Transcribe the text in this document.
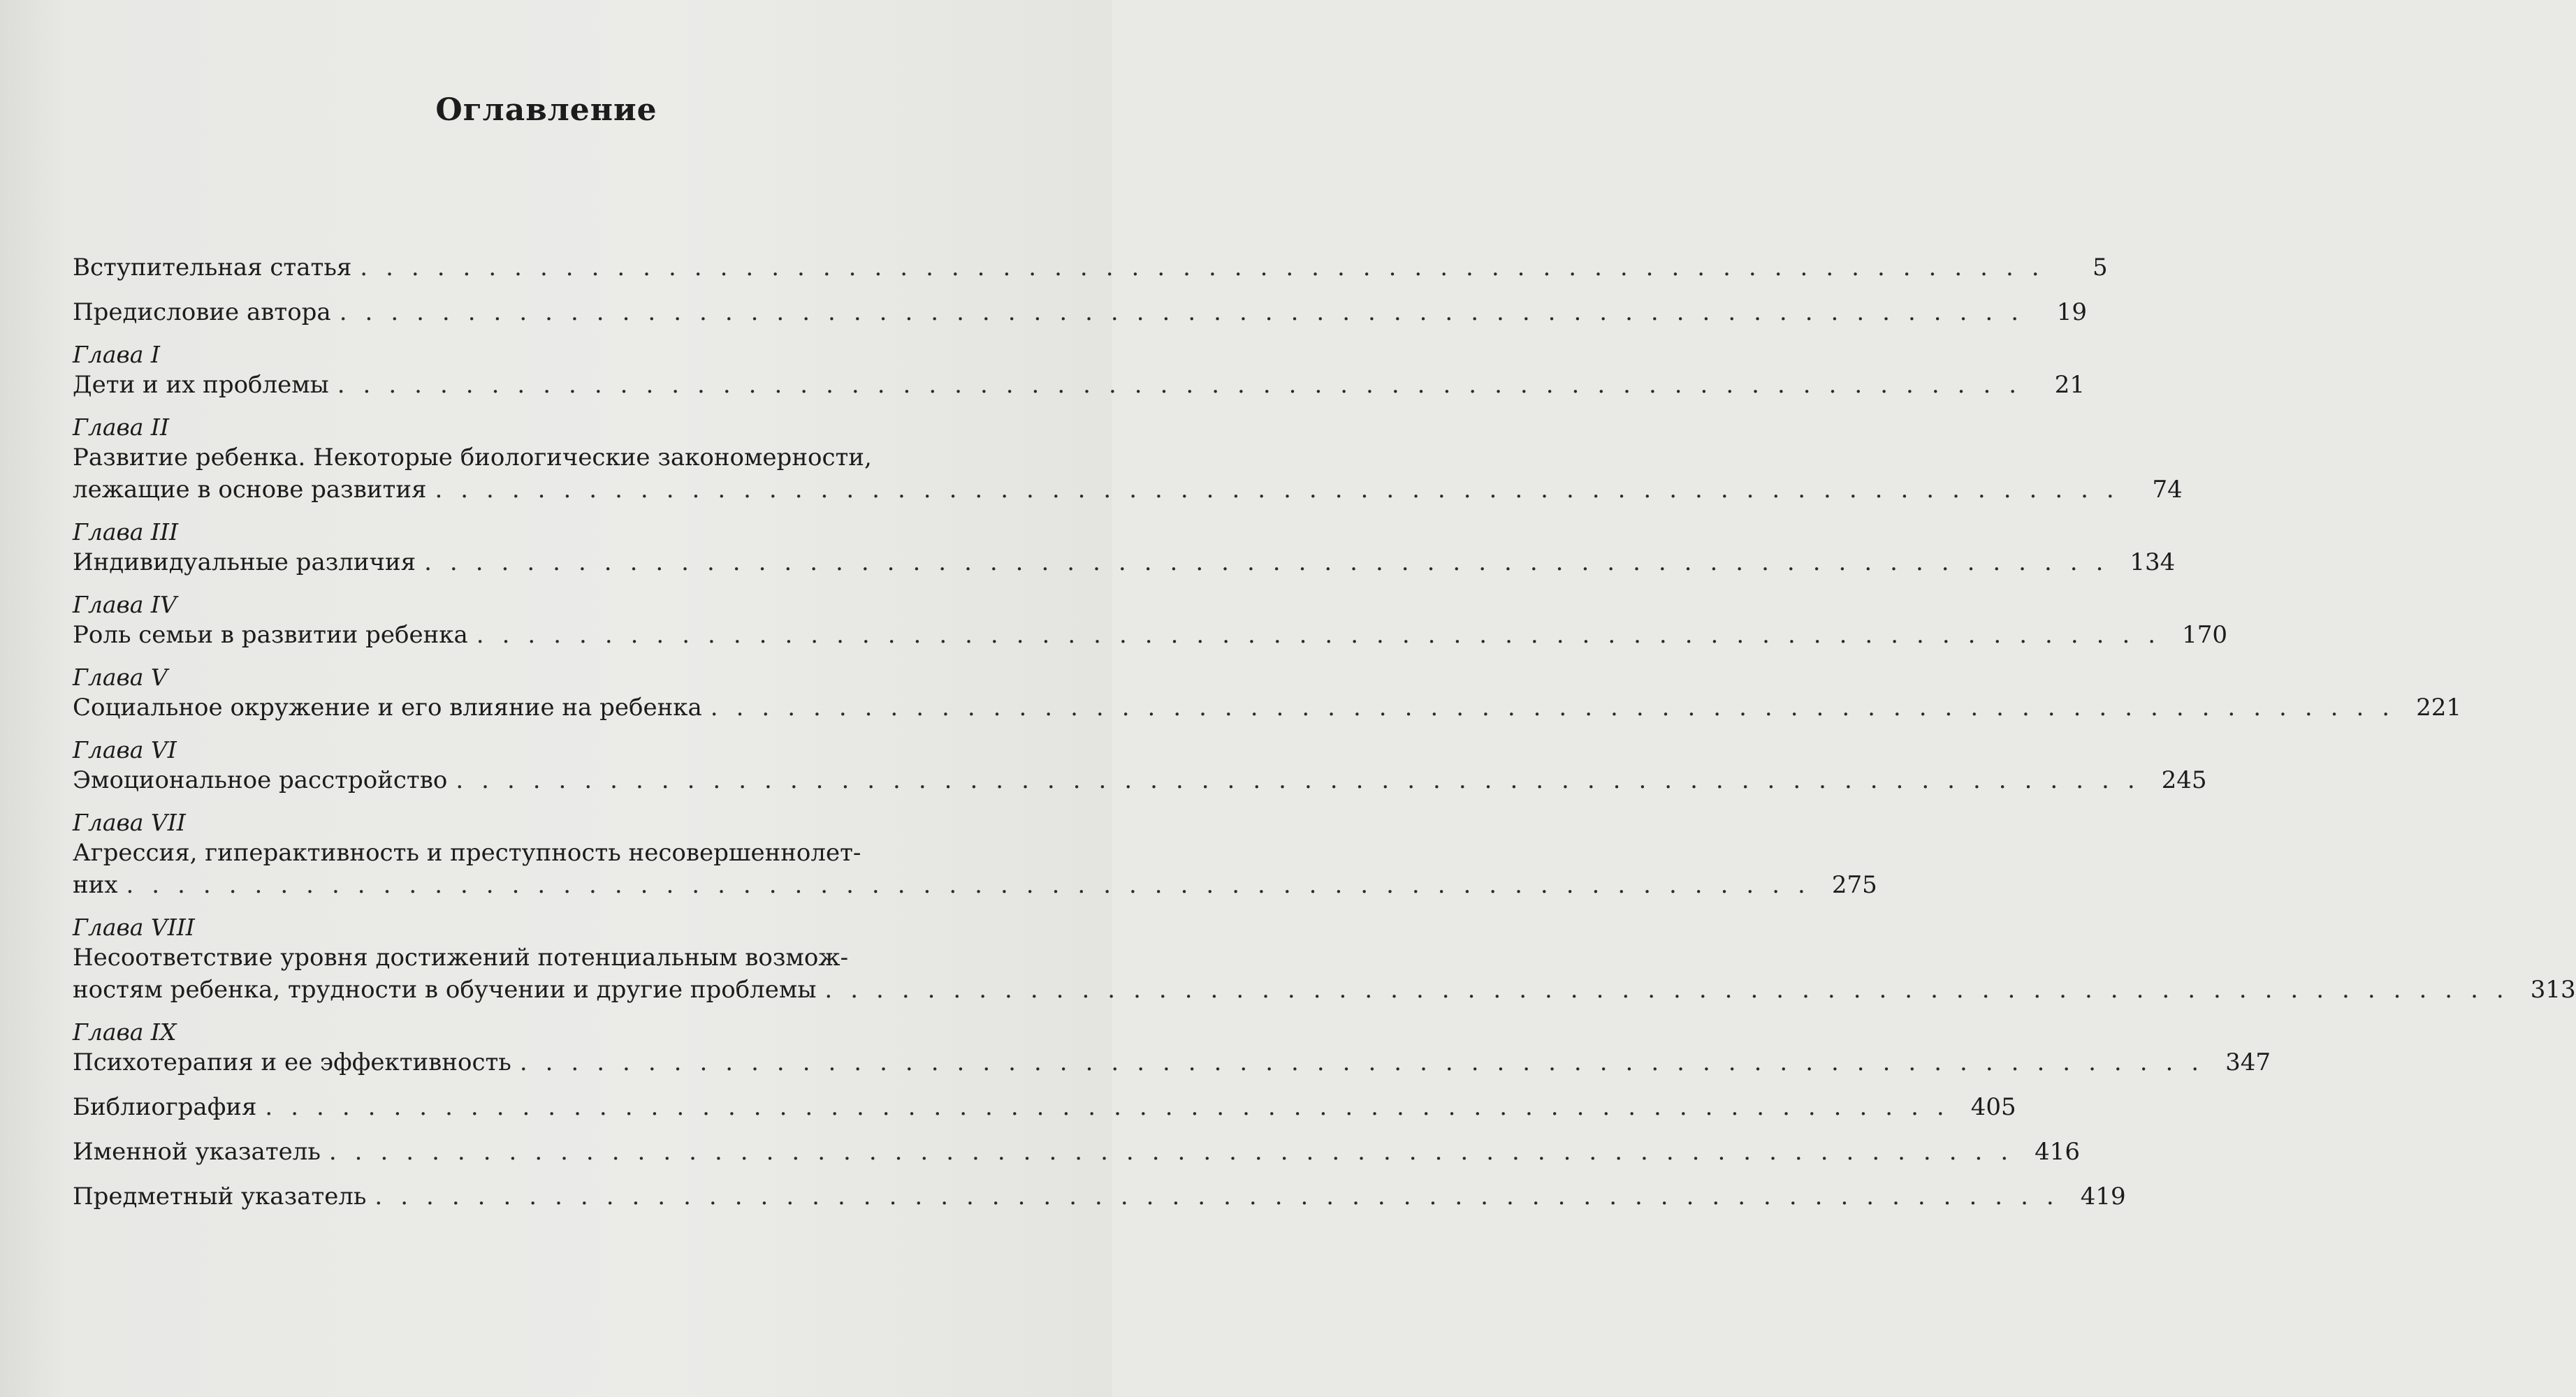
Оглавление
Вступительная статья ..................................................................	5
Предисловие автора .................................................................. 19
Глава I
Дети и их проблемы .................................................................. 21
Глава II
Развитие ребенка. Некоторые биологические закономерности,
лежащие в основе развития .................................................................. 74
Глава III
Индивидуальные различия .................................................................. 134
Глава IV
Роль семьи в развитии ребенка .................................................................. 170
Глава V
Социальное окружение и его влияние на ребенка .................................................................. 221
Глава VI
Эмоциональное расстройство .................................................................. 245
Глава VII
Агрессия, гиперактивность и преступность несовершеннолет-
них .................................................................. 275
Глава VIII
Несоответствие уровня достижений потенциальным возмож-
ностям ребенка, трудности в обучении и другие проблемы .................................................................. 313
Глава IX
Психотерапия и ее эффективность .................................................................. 347
Библиография .................................................................. 405
Именной указатель .................................................................. 416
Предметный указатель .................................................................. 419
